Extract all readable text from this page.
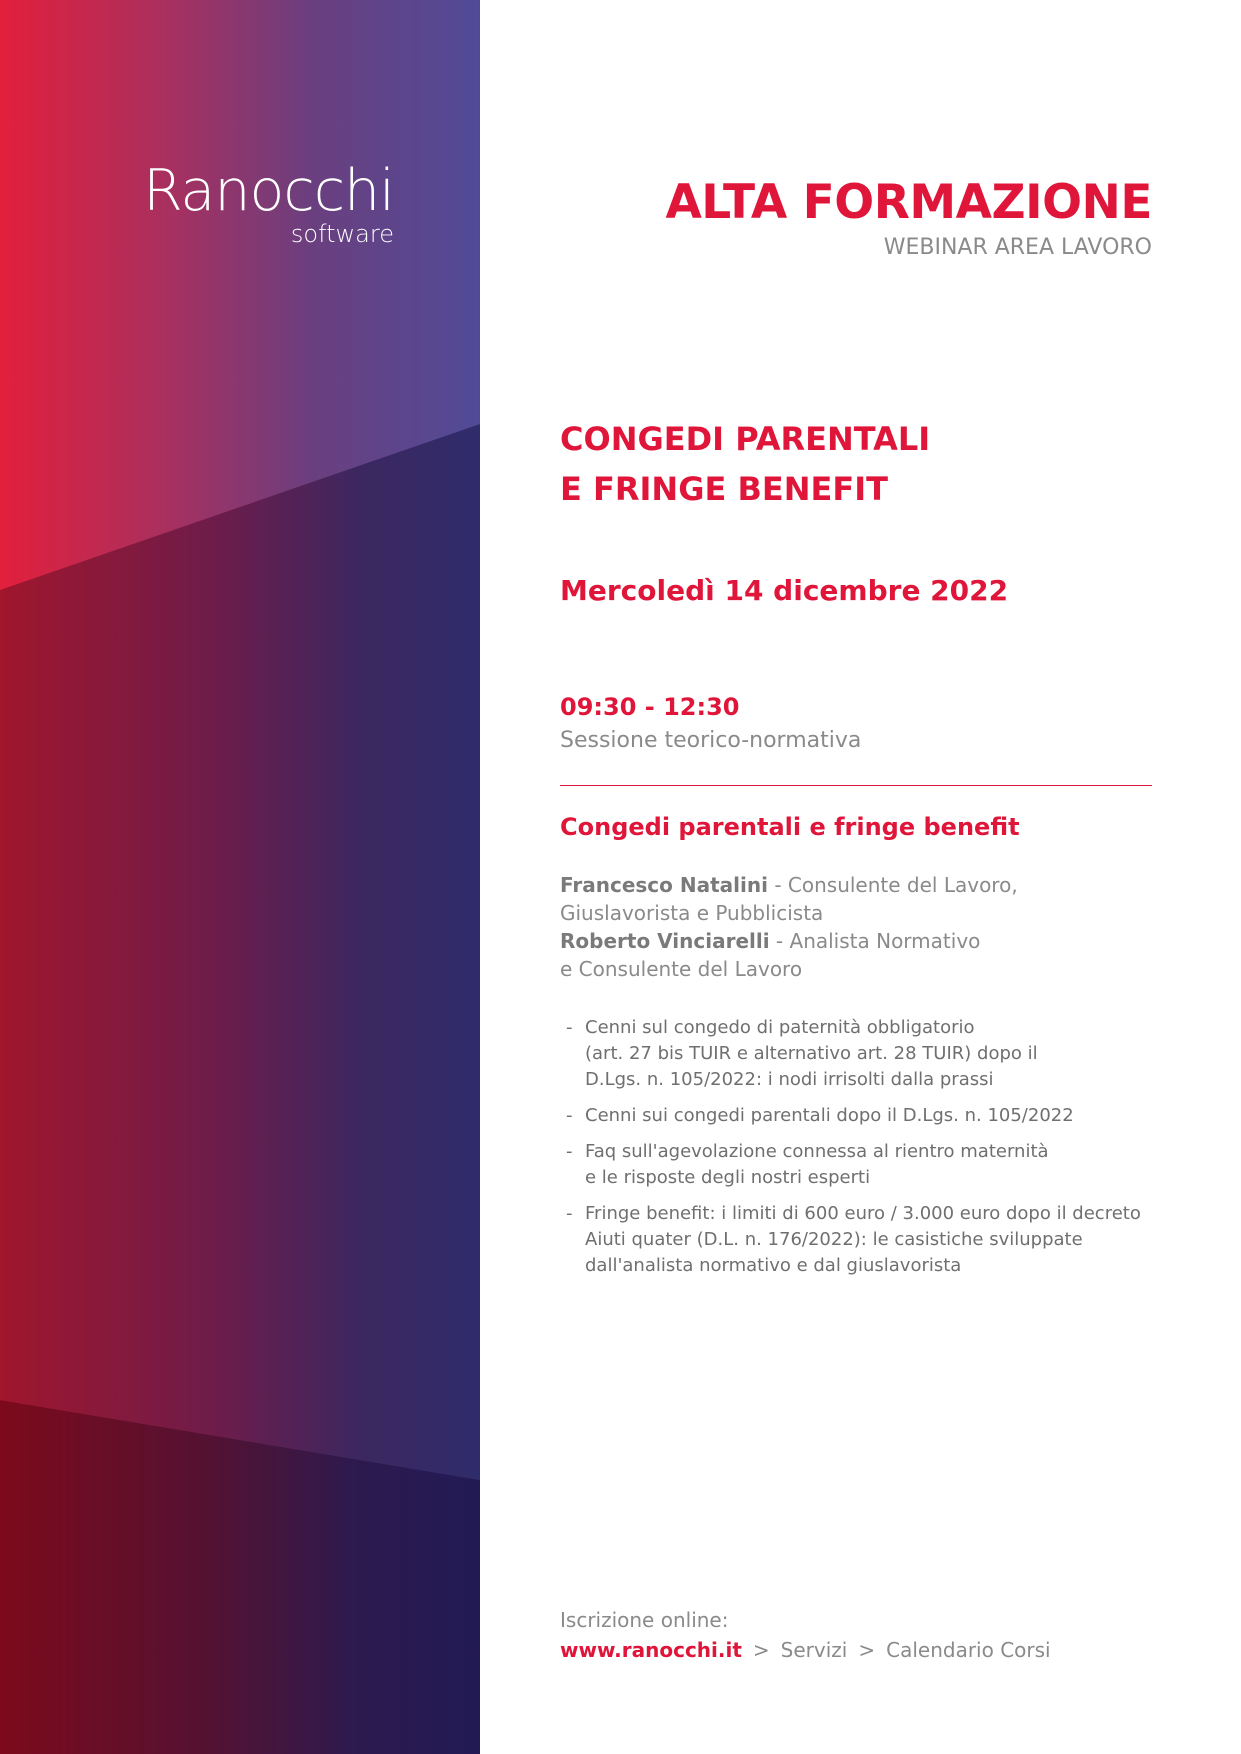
Ranocchi
software
ALTA FORMAZIONE
WEBINAR AREA LAVORO
CONGEDI PARENTALI
E FRINGE BENEFIT
Mercoledì 14 dicembre 2022
09:30 - 12:30
Sessione teorico-normativa
Congedi parentali e fringe benefit
Francesco Natalini - Consulente del Lavoro,
Giuslavorista e Pubblicista
Roberto Vinciarelli - Analista Normativo
e Consulente del Lavoro
- Cenni sul congedo di paternità obbligatorio
(art. 27 bis TUIR e alternativo art. 28 TUIR) dopo il
D.Lgs. n. 105/2022: i nodi irrisolti dalla prassi
- Cenni sui congedi parentali dopo il D.Lgs. n. 105/2022
- Faq sull'agevolazione connessa al rientro maternità
e le risposte degli nostri esperti
- Fringe benefit: i limiti di 600 euro / 3.000 euro dopo il decreto
Aiuti quater (D.L. n. 176/2022): le casistiche sviluppate
dall'analista normativo e dal giuslavorista
Iscrizione online:
www.ranocchi.it > Servizi > Calendario Corsi
